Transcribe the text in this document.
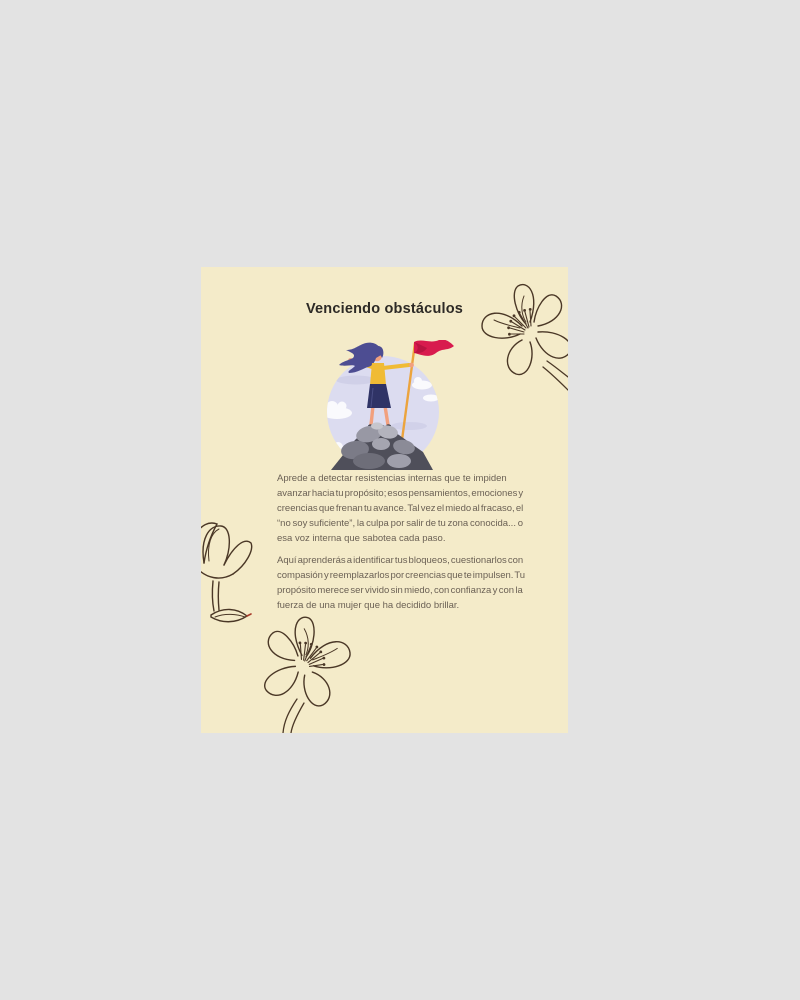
Venciendo obstáculos
Aprede a detectar resistencias internas que te impiden
avanzar hacia tu propósito; esos pensamientos, emociones y
creencias que frenan tu avance. Tal vez el miedo al fracaso, el
“no soy suficiente”, la culpa por salir de tu zona conocida... o
esa voz interna que sabotea cada paso.
Aquí aprenderás a identificar tus bloqueos, cuestionarlos con
compasión y reemplazarlos por creencias que te impulsen. Tu
propósito merece ser vivido sin miedo, con confianza y con la
fuerza de una mujer que ha decidido brillar.
